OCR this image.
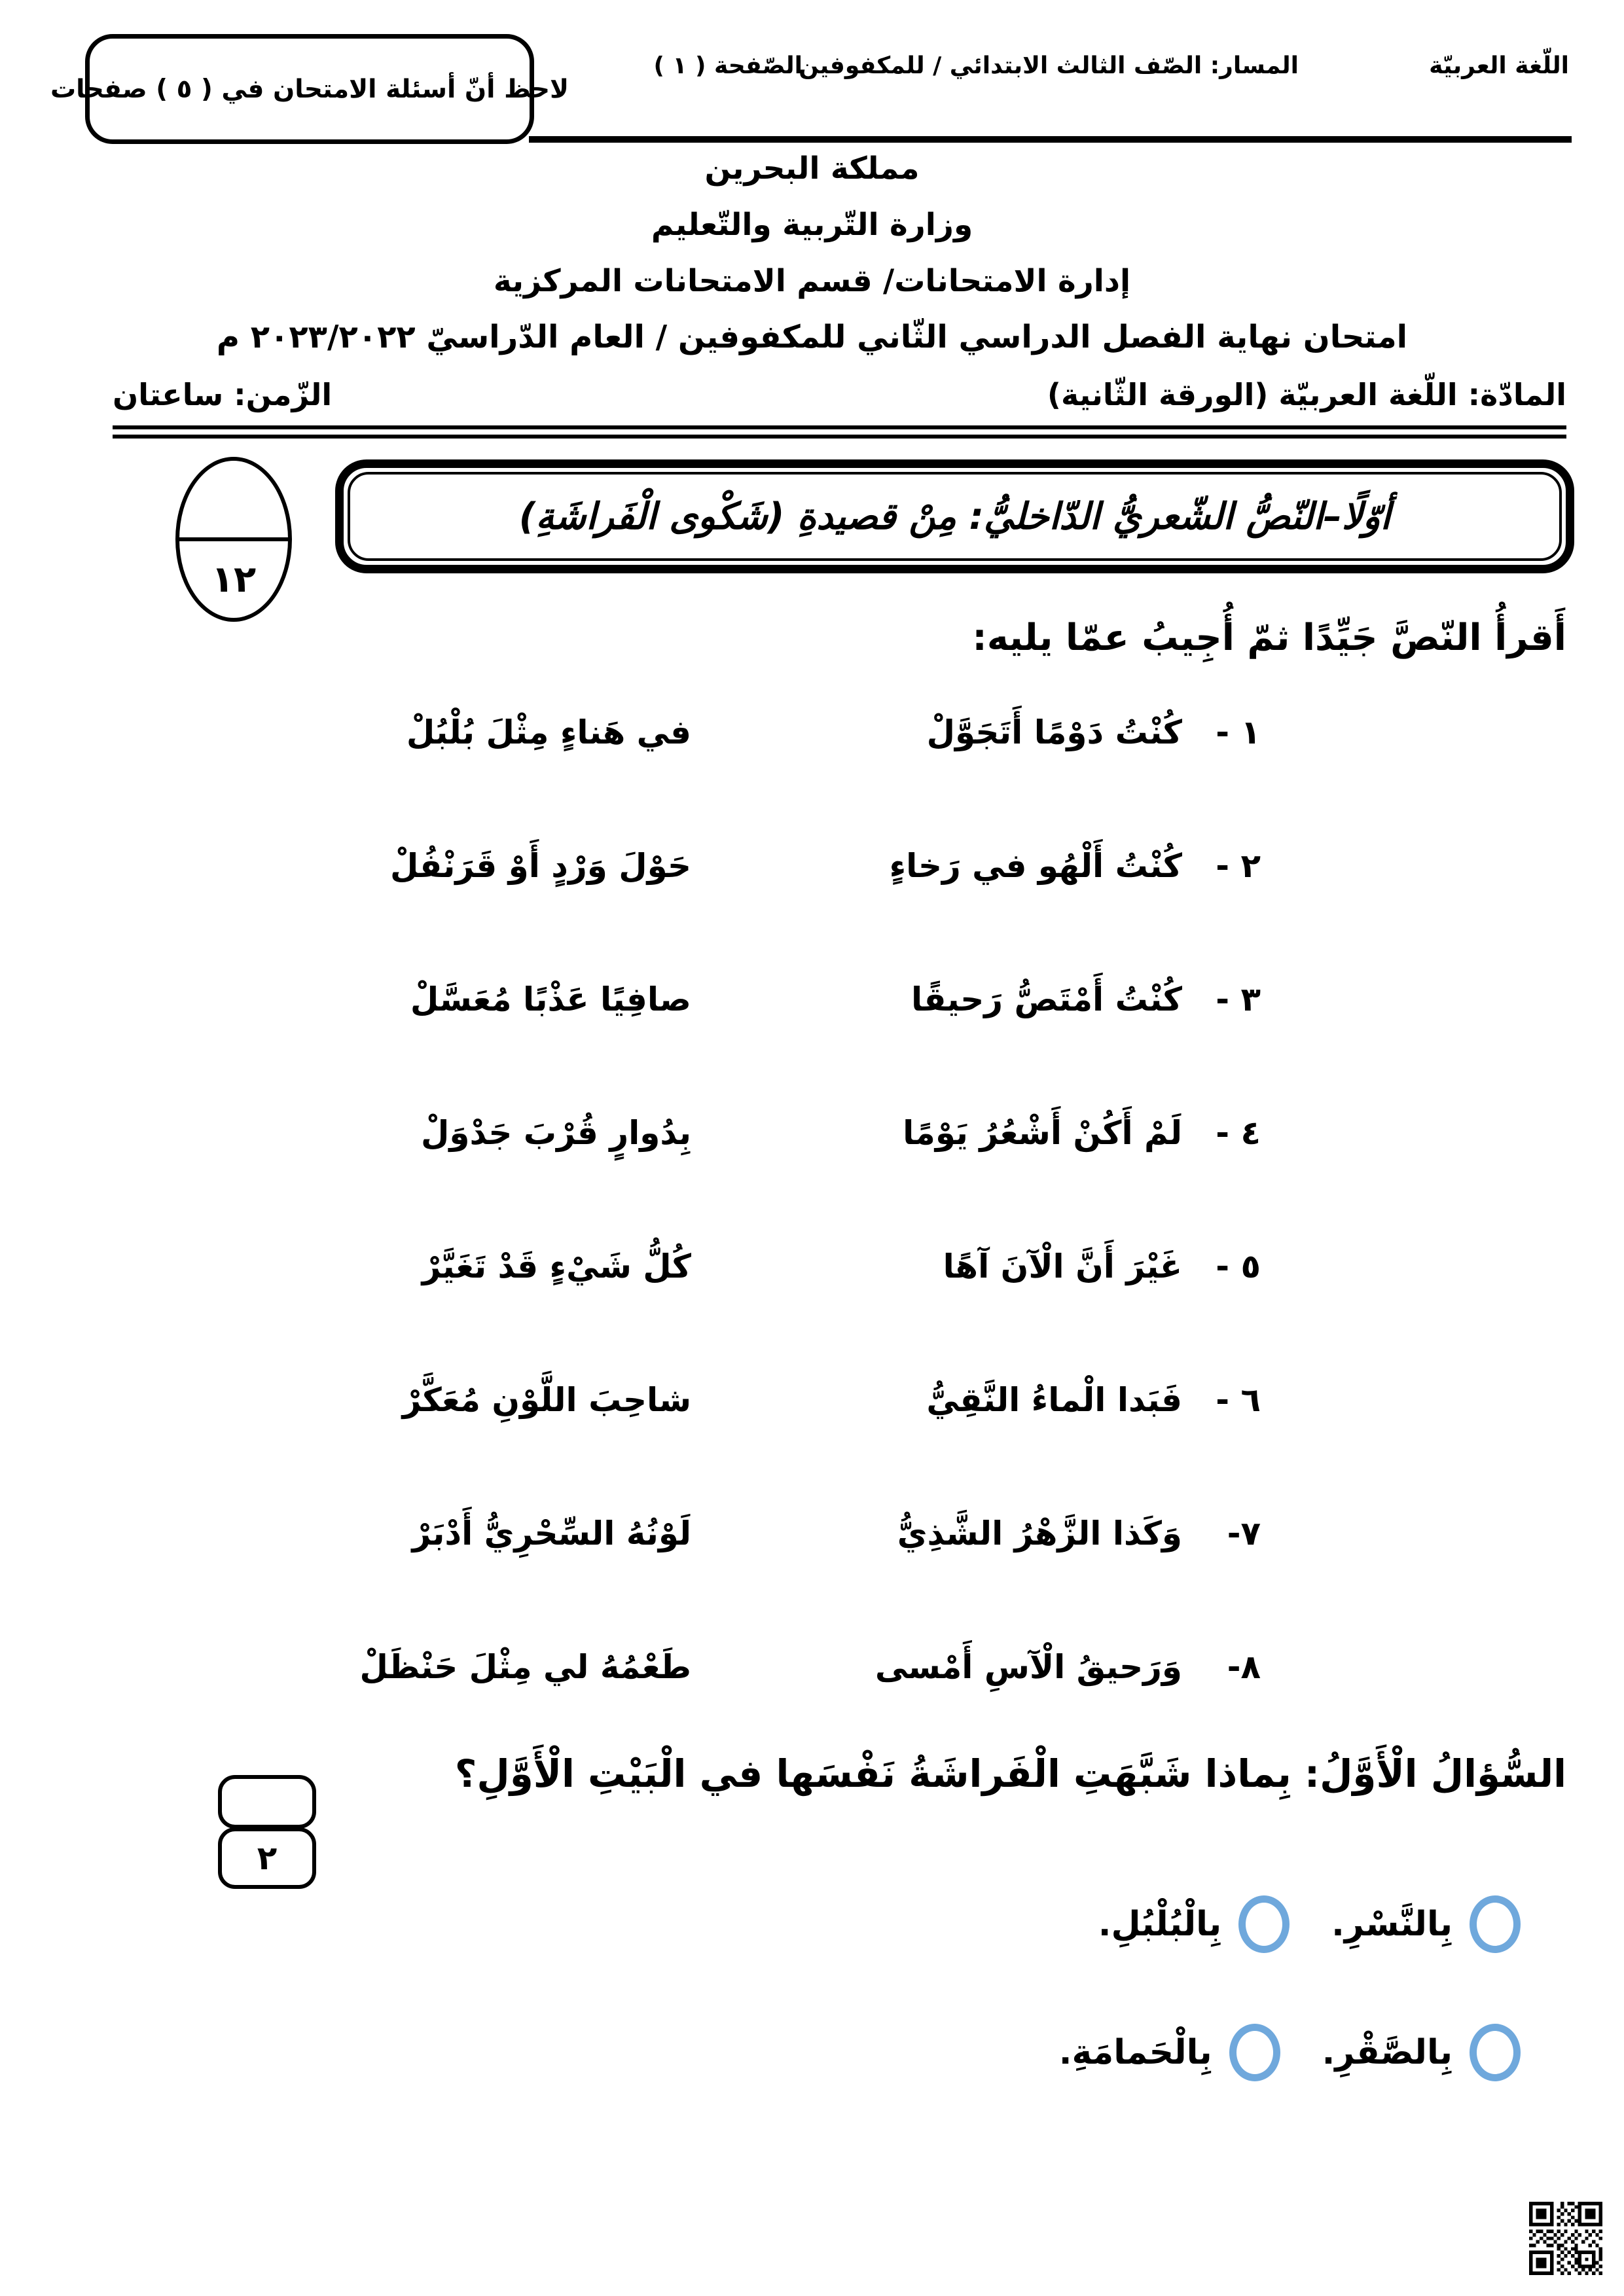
اللّغة العربيّة
المسار: الصّف الثالث الابتدائي / للمكفوفين
الصّفحة ( ١ )
لاحظ أنّ أسئلة الامتحان في ( ٥ ) صفحات
مملكة البحرين
وزارة التّربية والتّعليم
إدارة الامتحانات/ قسم الامتحانات المركزية
امتحان نهاية الفصل الدراسي الثّاني للمكفوفين / العام الدّراسيّ ٢٠٢٣/٢٠٢٢ م
المادّة: اللّغة العربيّة (الورقة الثّانية)
الزّمن: ساعتان
١٢
أوّلًا–النّصُّ الشّعريُّ الدّاخليُّ: مِنْ قصيدةِ (شَكْوى الْفَراشَةِ)
أَقرأُ النّصَّ جَيِّدًا ثمّ أُجِيبُ عمّا يليه:
١ -
كُنْتُ دَوْمًا أَتَجَوَّلْ
في هَناءٍ مِثْلَ بُلْبُلْ
٢ -
كُنْتُ أَلْهُو في رَخاءٍ
حَوْلَ وَرْدٍ أَوْ قَرَنْفُلْ
٣ -
كُنْتُ أَمْتَصُّ رَحيقًا
صافِيًا عَذْبًا مُعَسَّلْ
٤ -
لَمْ أَكُنْ أَشْعُرُ يَوْمًا
بِدُوارٍ قُرْبَ جَدْوَلْ
٥ -
غَيْرَ أَنَّ الْآنَ آهًا
كُلُّ شَيْءٍ قَدْ تَغَيَّرْ
٦ -
فَبَدا الْماءُ النَّقِيُّ
شاحِبَ اللَّوْنِ مُعَكَّرْ
٧-
وَكَذا الزَّهْرُ الشَّذِيُّ
لَوْنُهُ السِّحْرِيُّ أَدْبَرْ
٨-
وَرَحيقُ الْآسِ أَمْسى
طَعْمُهُ لي مِثْلَ حَنْظَلْ
السُّؤالُ الْأَوَّلُ: بِماذا شَبَّهَتِ الْفَراشَةُ نَفْسَها في الْبَيْتِ الْأَوَّلِ؟
٢
بِالنَّسْرِ.
بِالْبُلْبُلِ.
بِالصَّقْرِ.
بِالْحَمامَةِ.
